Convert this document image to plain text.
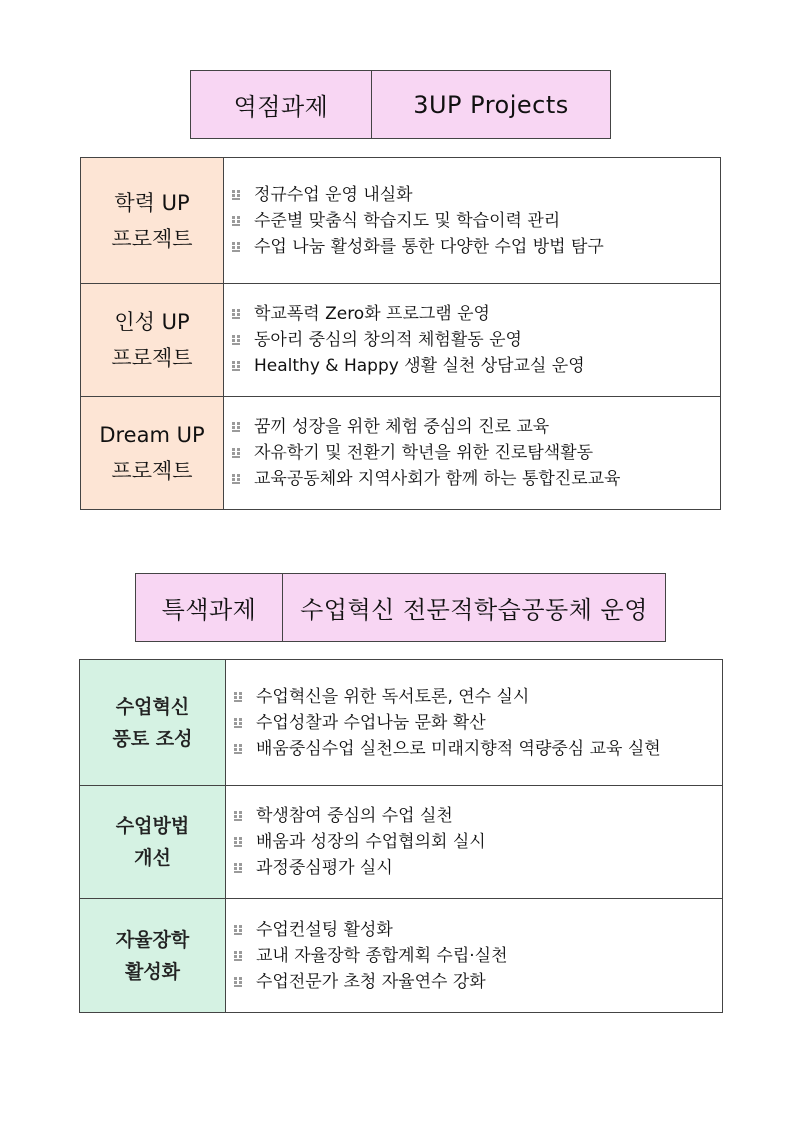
역점과제	3UP Projects
학력 UP
프로젝트
정규수업 운영 내실화
수준별 맞춤식 학습지도 및 학습이력 관리
수업 나눔 활성화를 통한 다양한 수업 방법 탐구
인성 UP
프로젝트
학교폭력 Zero화 프로그램 운영
동아리 중심의 창의적 체험활동 운영
Healthy & Happy 생활 실천 상담교실 운영
Dream UP
프로젝트
꿈끼 성장을 위한 체험 중심의 진로 교육
자유학기 및 전환기 학년을 위한 진로탐색활동
교육공동체와 지역사회가 함께 하는 통합진로교육
특색과제	수업혁신 전문적학습공동체 운영
수업혁신
풍토 조성
수업혁신을 위한 독서토론, 연수 실시
수업성찰과 수업나눔 문화 확산
배움중심수업 실천으로 미래지향적 역량중심 교육 실현
수업방법
개선
학생참여 중심의 수업 실천
배움과 성장의 수업협의회 실시
과정중심평가 실시
자율장학
활성화
수업컨설팅 활성화
교내 자율장학 종합계획 수립·실천
수업전문가 초청 자율연수 강화
